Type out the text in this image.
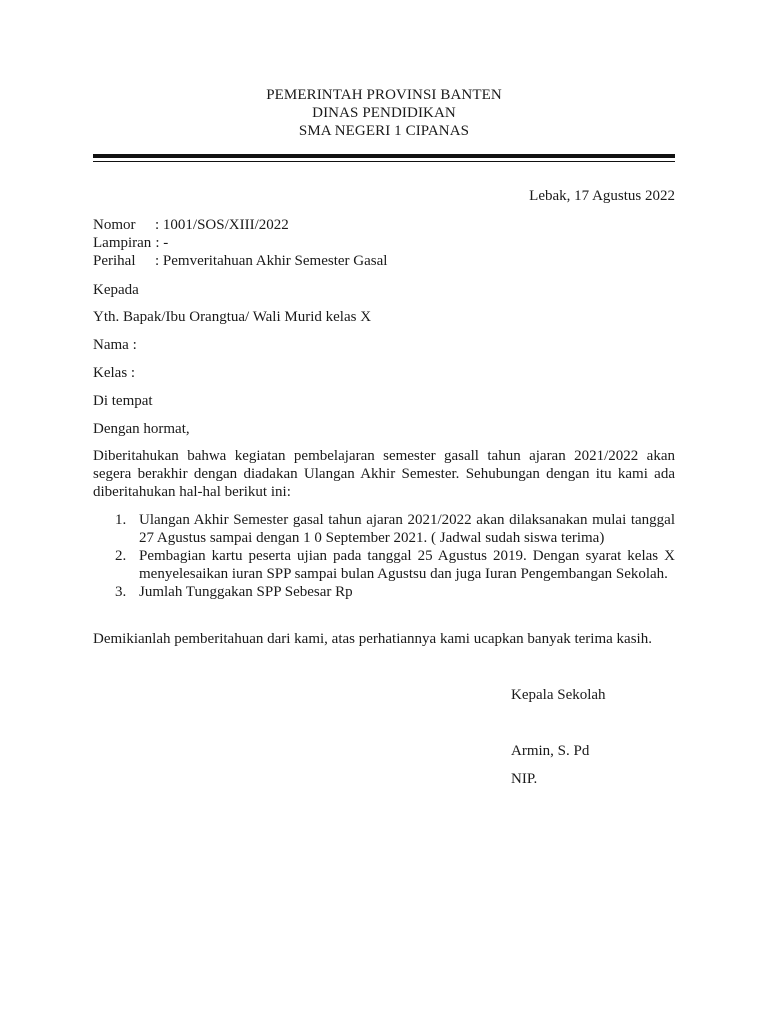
PEMERINTAH PROVINSI BANTEN
DINAS PENDIDIKAN
SMA NEGERI 1 CIPANAS
Lebak, 17 Agustus 2022
Nomor	: 1001/SOS/XIII/2022
Lampiran : -
Perihal	: Pemveritahuan Akhir Semester Gasal
Kepada
Yth. Bapak/Ibu Orangtua/ Wali Murid kelas X
Nama :
Kelas :
Di tempat
Dengan hormat,
Diberitahukan bahwa kegiatan pembelajaran semester gasall tahun ajaran 2021/2022 akan segera berakhir dengan diadakan Ulangan Akhir Semester. Sehubungan dengan itu kami ada diberitahukan hal-hal berikut ini:
1. Ulangan Akhir Semester gasal tahun ajaran 2021/2022 akan dilaksanakan mulai tanggal 27 Agustus sampai dengan 1 0 September 2021. ( Jadwal sudah siswa terima)
2. Pembagian kartu peserta ujian pada tanggal 25 Agustus 2019. Dengan syarat kelas X menyelesaikan iuran SPP sampai bulan Agustsu dan juga Iuran Pengembangan Sekolah.
3. Jumlah Tunggakan SPP Sebesar Rp
Demikianlah pemberitahuan dari kami, atas perhatiannya kami ucapkan banyak terima kasih.
Kepala Sekolah
Armin, S. Pd
NIP.
